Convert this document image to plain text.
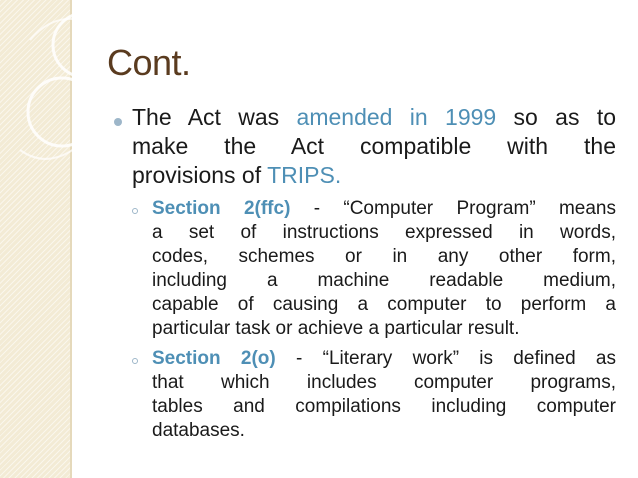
Cont.
The Act was amended in 1999 so as to
make the Act compatible with the
provisions of TRIPS.
Section 2(ffc) - “Computer Program” means
a set of instructions expressed in words,
codes, schemes or in any other form,
including a machine readable medium,
capable of causing a computer to perform a
particular task or achieve a particular result.
Section 2(o) - “Literary work” is defined as
that which includes computer programs,
tables and compilations including computer
databases.
